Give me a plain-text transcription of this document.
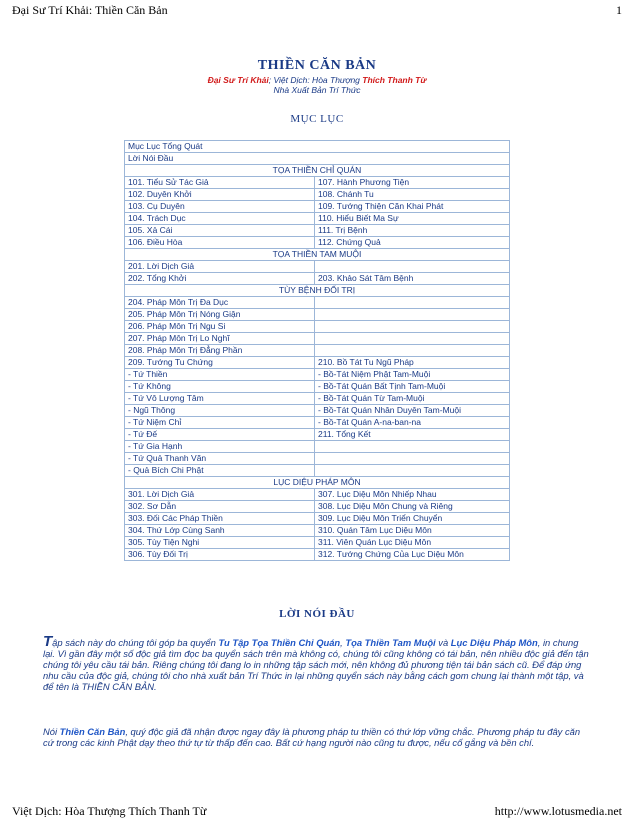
Đại Sư Trí Khải: Thiền Căn Bản	1
THIỀN CĂN BẢN
Đại Sư Trí Khải; Việt Dịch: Hòa Thượng Thích Thanh Từ
Nhà Xuất Bản Trí Thức
MỤC LỤC
Mục Lục Tổng Quát	
Lời Nói Đầu	
TỌA THIỀN CHỈ QUÁN	
101. Tiểu Sử Tác Giả	107. Hành Phương Tiện
102. Duyên Khởi	108. Chánh Tu
103. Cụ Duyên	109. Tướng Thiện Căn Khai Phát
104. Trách Dục	110. Hiểu Biết Ma Sự
105. Xả Cái	111. Trị Bệnh
106. Điều Hòa	112. Chứng Quả
TỌA THIỀN TAM MUỘI	
201. Lời Dịch Giả	
202. Tổng Khởi	203. Khảo Sát Tâm Bệnh
TÙY BỆNH ĐỐI TRỊ	
204. Pháp Môn Trị Đa Dục	
205. Pháp Môn Trị Nóng Giận	
206. Pháp Môn Trị Ngu Si	
207. Pháp Môn Trị Lo Nghĩ	
208. Pháp Môn Trị Đẳng Phần	
209. Tướng Tu Chứng	210. Bồ Tát Tu Ngũ Pháp
- Tứ Thiền	- Bồ-Tát Niệm Phật Tam-Muội
- Tứ Không	- Bồ-Tát Quán Bất Tịnh Tam-Muội
- Tứ Vô Lượng Tâm	- Bồ-Tát Quán Từ Tam-Muội
- Ngũ Thông	- Bồ-Tát Quán Nhân Duyên Tam-Muội
- Tứ Niệm Chỉ	- Bồ-Tát Quán A-na-ban-na
- Tứ Đế	211. Tổng Kết
- Tứ Gia Hạnh	
- Tứ Quả Thanh Văn	
- Quả Bích Chi Phật	
LỤC DIỆU PHÁP MÔN	
301. Lời Dịch Giả	307. Lục Diệu Môn Nhiếp Nhau
302. Sơ Dẫn	308. Lục Diệu Môn Chung và Riêng
303. Đối Các Pháp Thiền	309. Lục Diệu Môn Triển Chuyển
304. Thứ Lớp Cùng Sanh	310. Quán Tâm Lục Diệu Môn
305. Tùy Tiện Nghi	311. Viên Quán Lục Diệu Môn
306. Tùy Đối Trị	312. Tướng Chứng Của Lục Diệu Môn
LỜI NÓI ĐẦU
Tập sách này do chúng tôi góp ba quyển Tu Tập Tọa Thiền Chỉ Quán, Tọa Thiền Tam Muội và Lục Diệu Pháp Môn, in chung lại. Vì gần đây một số độc giả tìm đọc ba quyển sách trên mà không có, chúng tôi cũng không có tái bản, nên nhiều độc giả đến tận chúng tôi yêu cầu tái bản. Riêng chúng tôi đang lo in những tập sách mới, nên không đủ phương tiện tái bản sách cũ. Để đáp ứng nhu cầu của độc giả, chúng tôi cho nhà xuất bản Trí Thức in lại những quyển sách này bằng cách gom chung lại thành một tập, và để tên là THIỀN CĂN BẢN.
Nói Thiền Căn Bản, quý độc giả đã nhận được ngay đây là phương pháp tu thiền có thứ lớp vững chắc. Phương pháp tu đây căn cứ trong các kinh Phật dạy theo thứ tự từ thấp đến cao. Bất cứ hạng người nào cũng tu được, nếu cố gắng và bền chí.
Việt Dịch: Hòa Thượng Thích Thanh Từ	http://www.lotusmedia.net
